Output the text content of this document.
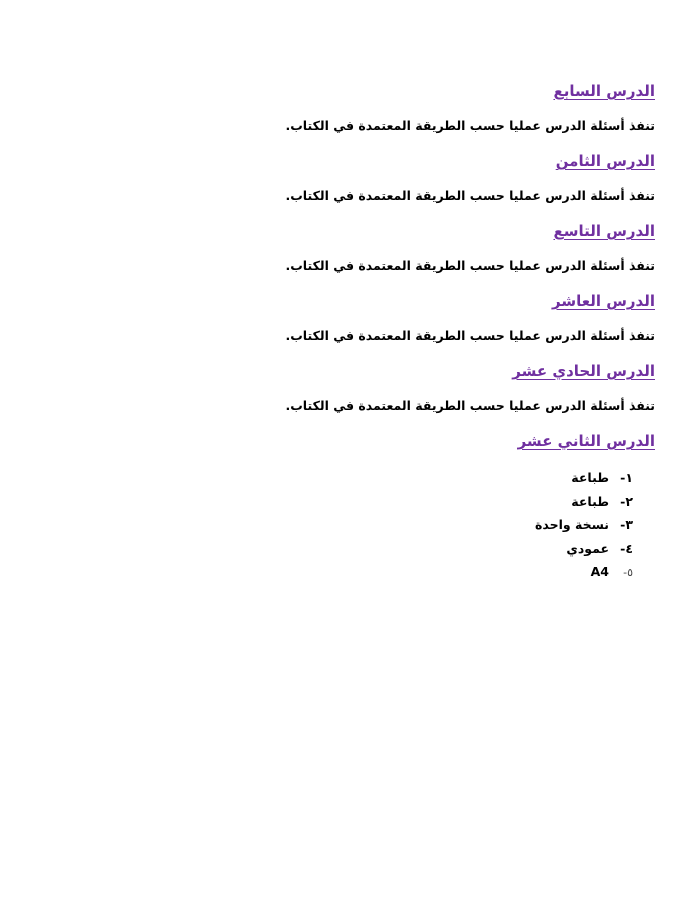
الدرس السابع
تنفذ أسئلة الدرس عمليا حسب الطريقة المعتمدة في الكتاب.
الدرس الثامن
تنفذ أسئلة الدرس عمليا حسب الطريقة المعتمدة في الكتاب.
الدرس التاسع
تنفذ أسئلة الدرس عمليا حسب الطريقة المعتمدة في الكتاب.
الدرس العاشر
تنفذ أسئلة الدرس عمليا حسب الطريقة المعتمدة في الكتاب.
الدرس الحادي عشر
تنفذ أسئلة الدرس عمليا حسب الطريقة المعتمدة في الكتاب.
الدرس الثاني عشر
١-طباعة
٢-طباعة
٣-نسخة واحدة
٤-عمودي
٥-A4
